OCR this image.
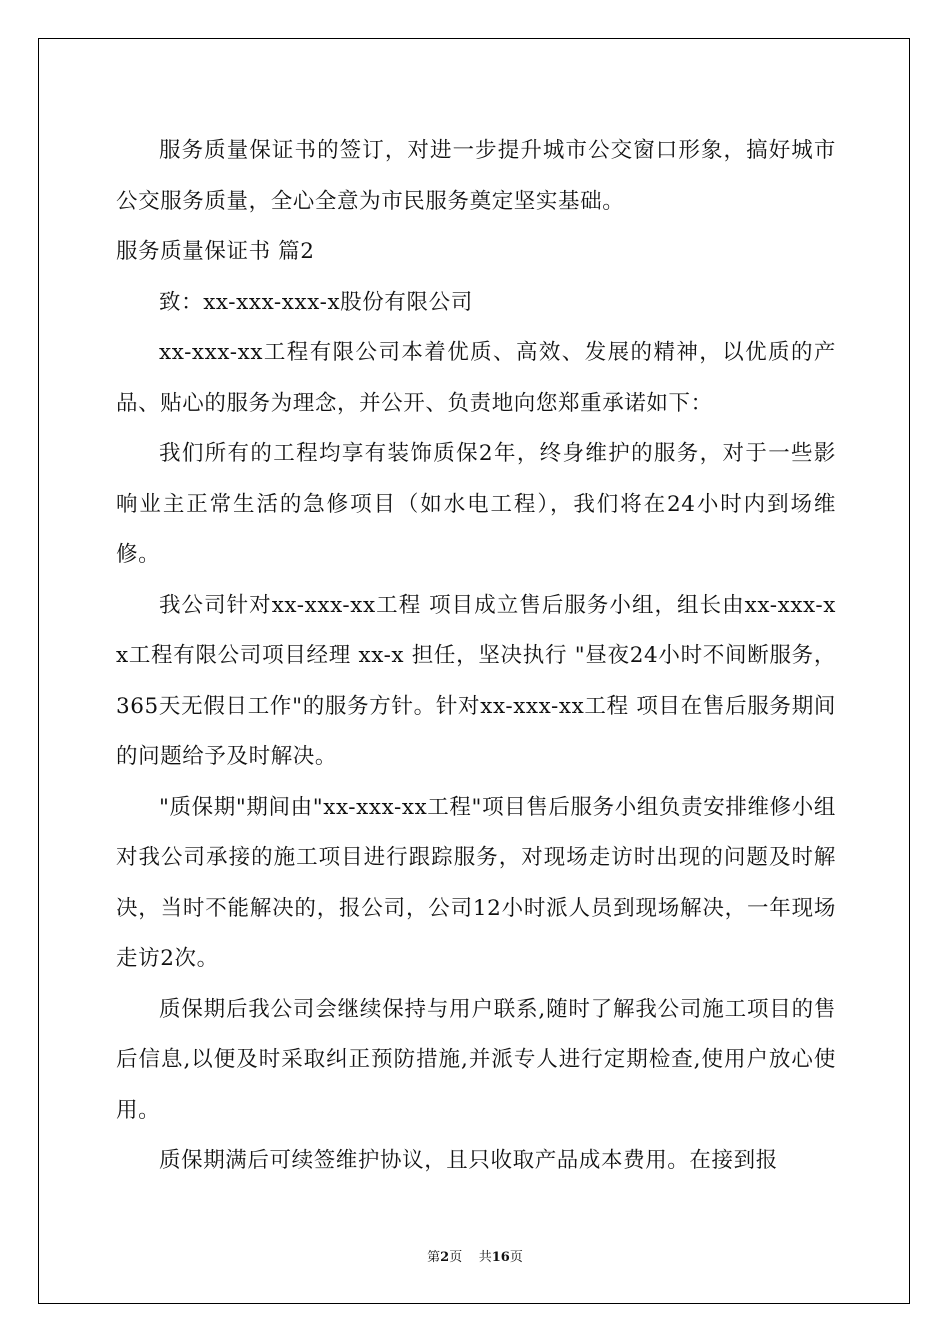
服务质量保证书的签订，对进一步提升城市公交窗口形象，搞好城市公交服务质量，全心全意为市民服务奠定坚实基础。

服务质量保证书 篇2

致：xx-xxx-xxx-x股份有限公司

xx-xxx-xx工程有限公司本着优质、高效、发展的精神，以优质的产品、贴心的服务为理念，并公开、负责地向您郑重承诺如下：

我们所有的工程均享有装饰质保2年，终身维护的服务，对于一些影响业主正常生活的急修项目（如水电工程），我们将在24小时内到场维修。

我公司针对xx-xxx-xx工程 项目成立售后服务小组，组长由xx-xxx-xx工程有限公司项目经理 xx-x 担任，坚决执行 "昼夜24小时不间断服务，365天无假日工作"的服务方针。针对xx-xxx-xx工程 项目在售后服务期间的问题给予及时解决。

"质保期"期间由"xx-xxx-xx工程"项目售后服务小组负责安排维修小组对我公司承接的施工项目进行跟踪服务，对现场走访时出现的问题及时解决，当时不能解决的，报公司，公司12小时派人员到现场解决，一年现场走访2次。

质保期后我公司会继续保持与用户联系,随时了解我公司施工项目的售后信息,以便及时采取纠正预防措施,并派专人进行定期检查,使用户放心使用。

质保期满后可续签维护协议，且只收取产品成本费用。在接到报

第2页 共16页
